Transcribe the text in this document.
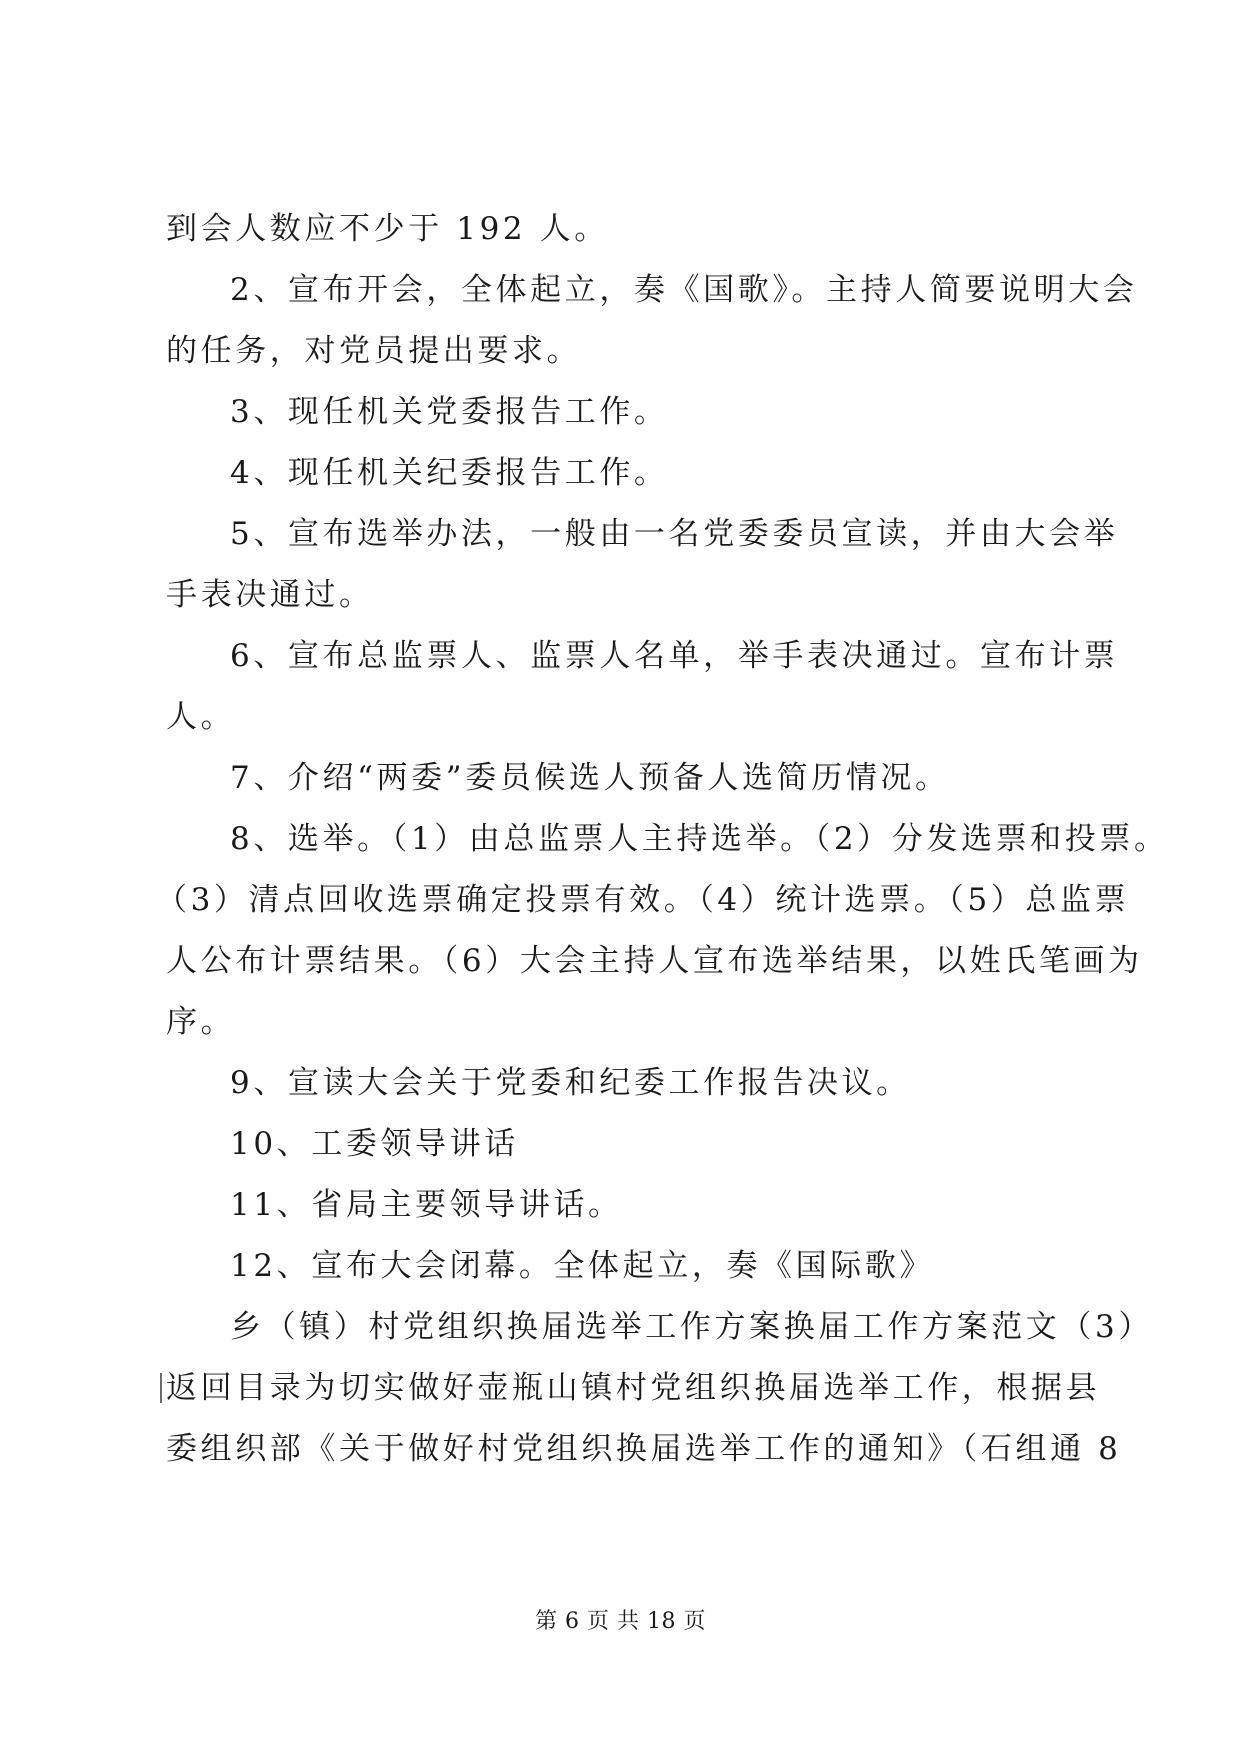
到会人数应不少于 192 人。
2、宣布开会，全体起立，奏《国歌》。主持人简要说明大会
的任务，对党员提出要求。
3、现任机关党委报告工作。
4、现任机关纪委报告工作。
5、宣布选举办法，一般由一名党委委员宣读，并由大会举
手表决通过。
6、宣布总监票人、监票人名单，举手表决通过。宣布计票
人。
7、介绍“两委”委员候选人预备人选简历情况。
8、选举。（1）由总监票人主持选举。（2）分发选票和投票。
（3）清点回收选票确定投票有效。（4）统计选票。（5）总监票
人公布计票结果。（6）大会主持人宣布选举结果，以姓氏笔画为
序。
9、宣读大会关于党委和纪委工作报告决议。
10、工委领导讲话
11、省局主要领导讲话。
12、宣布大会闭幕。全体起立，奏《国际歌》
乡（镇）村党组织换届选举工作方案换届工作方案范文（3）
返回目录为切实做好壶瓶山镇村党组织换届选举工作，根据县
委组织部《关于做好村党组织换届选举工作的通知》（石组通 8
第 6 页 共 18 页
